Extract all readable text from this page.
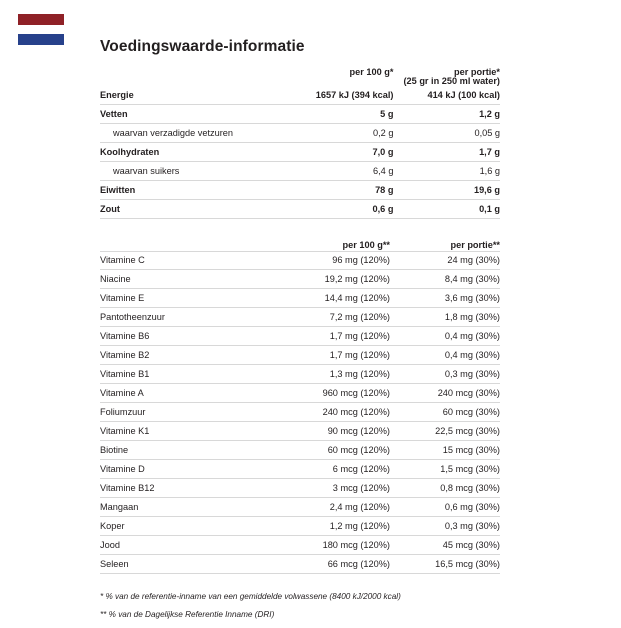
Voedingswaarde-informatie
	per 100 g*	per portie*
		(25 gr in 250 ml water)
Energie	1657 kJ (394 kcal)	414 kJ (100 kcal)
Vetten	5 g	1,2 g
waarvan verzadigde vetzuren	0,2 g	0,05 g
Koolhydraten	7,0 g	1,7 g
waarvan suikers	6,4 g	1,6 g
Eiwitten	78 g	19,6 g
Zout	0,6 g	0,1 g
	per 100 g**	per portie**
Vitamine C	96 mg (120%)	24 mg (30%)
Niacine	19,2 mg (120%)	8,4 mg (30%)
Vitamine E	14,4 mg (120%)	3,6 mg (30%)
Pantotheenzuur	7,2 mg (120%)	1,8 mg (30%)
Vitamine B6	1,7 mg (120%)	0,4 mg (30%)
Vitamine B2	1,7 mg (120%)	0,4 mg (30%)
Vitamine B1	1,3 mg (120%)	0,3 mg (30%)
Vitamine A	960 mcg (120%)	240 mcg (30%)
Foliumzuur	240 mcg (120%)	60 mcg (30%)
Vitamine K1	90 mcg (120%)	22,5 mcg (30%)
Biotine	60 mcg (120%)	15 mcg (30%)
Vitamine D	6 mcg (120%)	1,5 mcg (30%)
Vitamine B12	3 mcg (120%)	0,8 mcg (30%)
Mangaan	2,4 mg (120%)	0,6 mg (30%)
Koper	1,2 mg (120%)	0,3 mg (30%)
Jood	180 mcg (120%)	45 mcg (30%)
Seleen	66 mcg (120%)	16,5 mcg (30%)
* % van de referentie-inname van een gemiddelde volwassene (8400 kJ/2000 kcal)
** % van de Dagelijkse Referentie Inname (DRI)
